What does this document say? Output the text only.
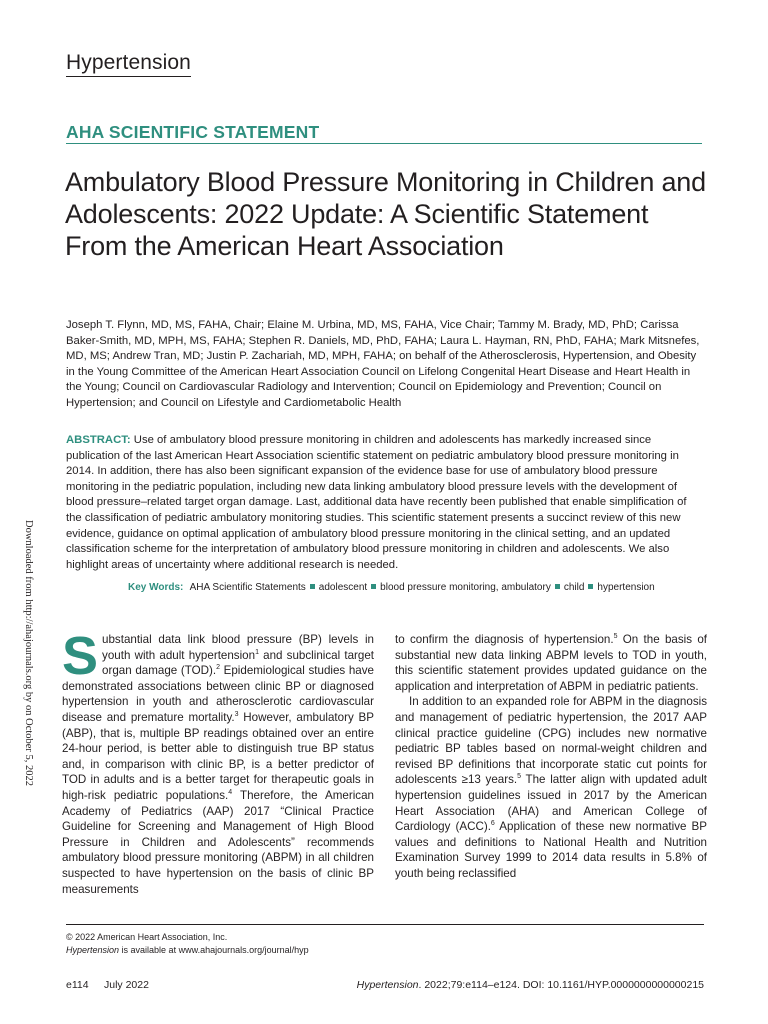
Hypertension
AHA SCIENTIFIC STATEMENT
Ambulatory Blood Pressure Monitoring in Children and Adolescents: 2022 Update: A Scientific Statement From the American Heart Association

Joseph T. Flynn, MD, MS, FAHA, Chair; Elaine M. Urbina, MD, MS, FAHA, Vice Chair; Tammy M. Brady, MD, PhD; Carissa Baker-Smith, MD, MPH, MS, FAHA; Stephen R. Daniels, MD, PhD, FAHA; Laura L. Hayman, RN, PhD, FAHA; Mark Mitsnefes, MD, MS; Andrew Tran, MD; Justin P. Zachariah, MD, MPH, FAHA; on behalf of the Atherosclerosis, Hypertension, and Obesity in the Young Committee of the American Heart Association Council on Lifelong Congenital Heart Disease and Heart Health in the Young; Council on Cardiovascular Radiology and Intervention; Council on Epidemiology and Prevention; Council on Hypertension; and Council on Lifestyle and Cardiometabolic Health

ABSTRACT: Use of ambulatory blood pressure monitoring in children and adolescents has markedly increased since publication of the last American Heart Association scientific statement on pediatric ambulatory blood pressure monitoring in 2014. In addition, there has also been significant expansion of the evidence base for use of ambulatory blood pressure monitoring in the pediatric population, including new data linking ambulatory blood pressure levels with the development of blood pressure–related target organ damage. Last, additional data have recently been published that enable simplification of the classification of pediatric ambulatory monitoring studies. This scientific statement presents a succinct review of this new evidence, guidance on optimal application of ambulatory blood pressure monitoring in the clinical setting, and an updated classification scheme for the interpretation of ambulatory blood pressure monitoring in children and adolescents. We also highlight areas of uncertainty where additional research is needed.

Key Words: AHA Scientific Statements adolescent blood pressure monitoring, ambulatory child hypertension
Downloaded from http://ahajournals.org by on October 5, 2022 Substantial data link blood pressure (BP) levels in youth with adult hypertension$^1$ and subclinical target organ damage (TOD).$^2$ Epidemiological studies have demonstrated associations between clinic BP or diagnosed hypertension in youth and atherosclerotic cardiovascular disease and premature mortality.$^3$ However, ambulatory BP (ABP), that is, multiple BP readings obtained over an entire 24-hour period, is better able to distinguish true BP status and, in comparison with clinic BP, is a better predictor of TOD in adults and is a better target for therapeutic goals in high-risk pediatric populations.$^4$ Therefore, the American Academy of Pediatrics (AAP) 2017 “Clinical Practice Guideline for Screening and Management of High Blood Pressure in Children and Adolescents” recommends ambulatory blood pressure monitoring (ABPM) in all children suspected to have hypertension on the basis of clinic BP measurements

to confirm the diagnosis of hypertension.$^5$ On the basis of substantial new data linking ABPM levels to TOD in youth, this scientific statement provides updated guidance on the application and interpretation of ABPM in pediatric patients.

In addition to an expanded role for ABPM in the diagnosis and management of pediatric hypertension, the 2017 AAP clinical practice guideline (CPG) includes new normative pediatric BP tables based on normal-weight children and revised BP definitions that incorporate static cut points for adolescents ≥13 years.$^5$ The latter align with updated adult hypertension guidelines issued in 2017 by the American Heart Association (AHA) and American College of Cardiology (ACC).$^6$ Application of these new normative BP values and definitions to National Health and Nutrition Examination Survey 1999 to 2014 data results in 5.8% of youth being reclassified

© 2022 American Heart Association, Inc.
Hypertension is available at www.ahajournals.org/journal/hyp
e114 July 2022	Hypertension. 2022;79:e114–e124. DOI: 10.1161/HYP.0000000000000215
